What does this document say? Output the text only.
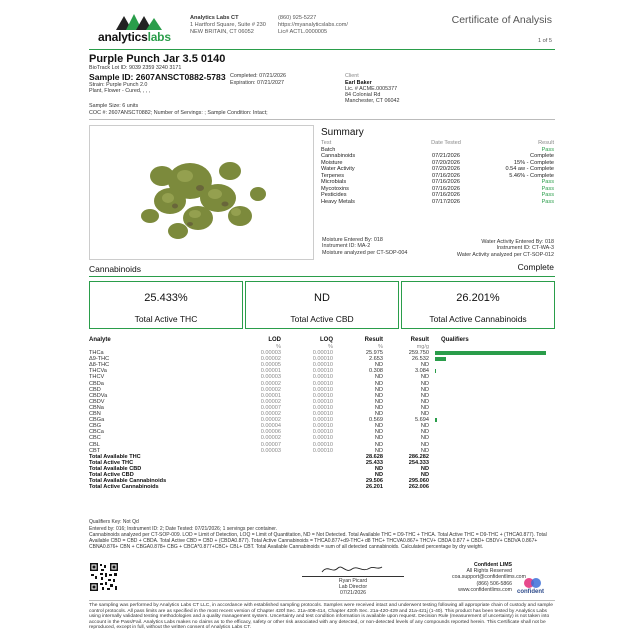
analyticslabs
Analytics Labs CT
1 Hartford Square, Suite # 230
NEW BRITAIN, CT 06052
(860) 925-5227
https://myanalyticslabs.com/
Lic# ACTL.0000005
Certificate of Analysis
1 of 5
Purple Punch Jar 3.5 0140
BioTrack Lot ID: 9039 2359 3240 3171
Sample ID: 2607ANSCT0882-5783
Strain: Purple Punch 2.0
Plant, Flower - Cured, , , ,
Completed: 07/21/2026
Expiration: 07/21/2027
Sample Size: 6 units
COC #: 2607ANSCT0882; Number of Servings: ; Sample Condition: Intact;
Client
Earl Baker
Lic. # ACME.0005377
84 Colonial Rd
Manchester, CT 06042
Summary
Test	Date Tested	Result
Batch		Pass
Cannabinoids	07/21/2026	Complete
Moisture	07/20/2026	15% - Complete
Water Activity	07/20/2026	0.54 aw - Complete
Terpenes	07/16/2026	5.46% - Complete
Microbials	07/16/2026	Pass
Mycotoxins	07/16/2026	Pass
Pesticides	07/16/2026	Pass
Heavy Metals	07/17/2026	Pass
Moisture Entered By: 018
Instrument ID: MA-2
Moisture analyzed per CT-SOP-004
Water Activity Entered By: 018
Instrument ID: CT-WA-3
Water Activity analyzed per CT-SOP-012
Cannabinoids	Complete
25.433%
Total Active THC
ND
Total Active CBD
26.201%
Total Active Cannabinoids
Analyte	LOD	LOQ	Result	Result	Qualifiers
	%	%	%	mg/g	
THCa	0.00003	0.00010	25.975	259.750	
Δ9-THC	0.00002	0.00010	2.653	26.532	
Δ8-THC	0.00005	0.00010	ND	ND	
THCVa	0.00001	0.00010	0.308	3.084	
THCV	0.00003	0.00010	ND	ND	
CBDa	0.00002	0.00010	ND	ND	
CBD	0.00002	0.00010	ND	ND	
CBDVa	0.00001	0.00010	ND	ND	
CBDV	0.00002	0.00010	ND	ND	
CBNa	0.00007	0.00010	ND	ND	
CBN	0.00002	0.00010	ND	ND	
CBGa	0.00002	0.00010	0.569	5.694	
CBG	0.00004	0.00010	ND	ND	
CBCa	0.00006	0.00010	ND	ND	
CBC	0.00002	0.00010	ND	ND	
CBL	0.00007	0.00010	ND	ND	
CBT	0.00003	0.00010	ND	ND	
Total Available THC			28.628	286.282	
Total Active THC			25.433	254.333	
Total Available CBD			ND	ND	
Total Active CBD			ND	ND	
Total Available Cannabinoids			29.506	295.060	
Total Active Cannabinoids			26.201	262.006	
Qualifiers Key: Not Qd
Entered by: 016; Instrument ID: 2; Date Tested: 07/21/2026; 1 servings per container.
Cannabinoids analyzed per CT-SOP-009. LOD = Limit of Detection, LOQ = Limit of Quantitation, ND = Not Detected. Total Available THC = D9-THC + THCA. Total Active THC = D9-THC + (THCA0.877). Total Available CBD = CBD + CBDA. Total Active CBD = CBD + (CBDA0.877). Total Active Cannabinoids = THCA0.877+d9-THC+ d8 THC+ THCVA0.867+ THCV+ CBDA 0.877 + CBD+ CBDV+ CBDVA 0.867+ CBNA0.876+ CBN + CBGA0.878+ CBG + CBCA*0.877+CBC+ CBL+ CBT. Total Available Cannabinoids = sum of all detected cannabinoids. Calculated percentage by dry weight.
Ryan Picard
Lab Director
07/21/2026
Confident LIMS
All Rights Reserved
coa.support@confidentlims.com
(866) 506-5866
www.confidentlims.com confident
The sampling was performed by Analytics Labs CT LLC, in accordance with established sampling protocols. Samples were received intact and underwent testing following all appropriate chain of custody and sample control protocols. All pass limits are as specified in the most recent version of Chapter 420f Sec. 21a-408-414, Chapter 420h Sec. 21a-420-429 and 21a-421j (1-40). This product has been tested by Analytics Labs using internally validated testing methodologies and a quality management system. Uncertainty and test condition information is available upon request. Decision Rule (measurement of uncertainty) is not taken into account in the Pass/Fail. Analytics Labs makes no claims as to the efficacy, safety or other risk associated with any detected, or non-detected levels of any compounds reported herein. This Certificate shall not be reproduced, except in full, without the written consent of Analytics Labs CT.
